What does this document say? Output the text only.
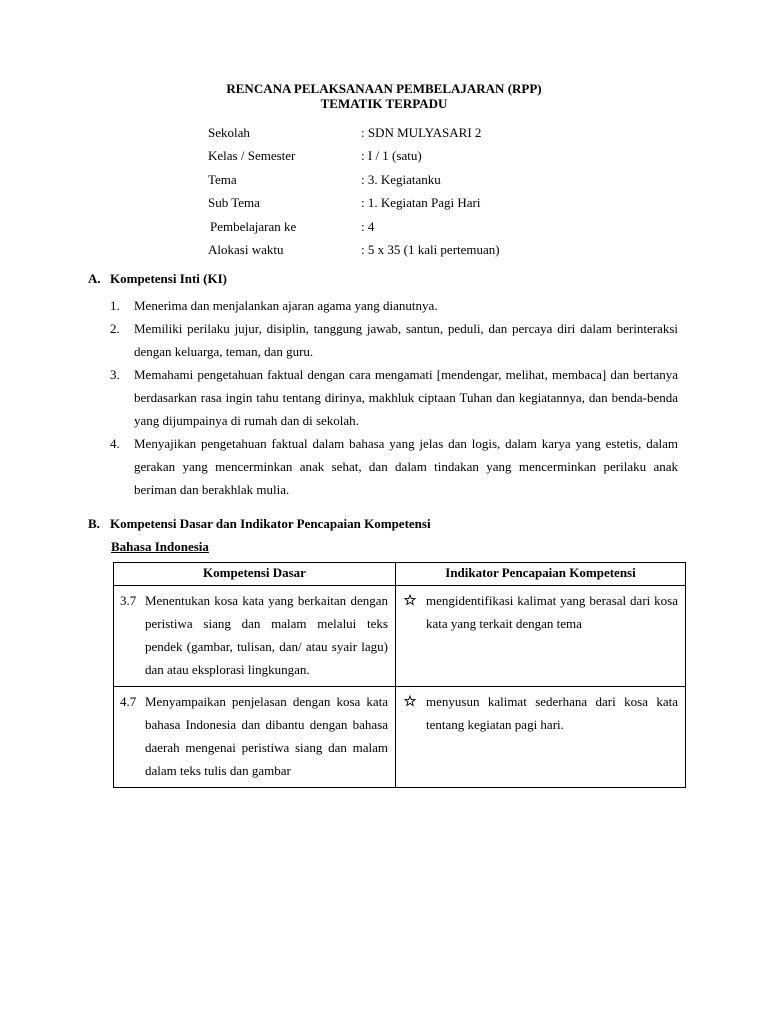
RENCANA PELAKSANAAN PEMBELAJARAN (RPP)
TEMATIK TERPADU
Sekolah	: SDN MULYASARI 2
Kelas / Semester	: I / 1 (satu)
Tema	: 3. Kegiatanku
Sub Tema	: 1. Kegiatan Pagi Hari
Pembelajaran ke	: 4
Alokasi waktu	: 5 x 35 (1 kali pertemuan)
A. Kompetensi Inti (KI)
1. Menerima dan menjalankan ajaran agama yang dianutnya.
2. Memiliki perilaku jujur, disiplin, tanggung jawab, santun, peduli, dan percaya diri dalam berinteraksi dengan keluarga, teman, dan guru.
3. Memahami pengetahuan faktual dengan cara mengamati [mendengar, melihat, membaca] dan bertanya berdasarkan rasa ingin tahu tentang dirinya, makhluk ciptaan Tuhan dan kegiatannya, dan benda-benda yang dijumpainya di rumah dan di sekolah.
4. Menyajikan pengetahuan faktual dalam bahasa yang jelas dan logis, dalam karya yang estetis, dalam gerakan yang mencerminkan anak sehat, dan dalam tindakan yang mencerminkan perilaku anak beriman dan berakhlak mulia.
B. Kompetensi Dasar dan Indikator Pencapaian Kompetensi
Bahasa Indonesia
Kompetensi Dasar	Indikator Pencapaian Kompetensi

3.7 Menentukan kosa kata yang berkaitan dengan peristiwa siang dan malam melalui teks pendek (gambar, tulisan, dan/ atau syair lagu) dan atau eksplorasi lingkungan.	mengidentifikasi kalimat yang berasal dari kosa kata yang terkait dengan tema

4.7 Menyampaikan penjelasan dengan kosa kata bahasa Indonesia dan dibantu dengan bahasa daerah mengenai peristiwa siang dan malam dalam teks tulis dan gambar	menyusun kalimat sederhana dari kosa kata tentang kegiatan pagi hari.
